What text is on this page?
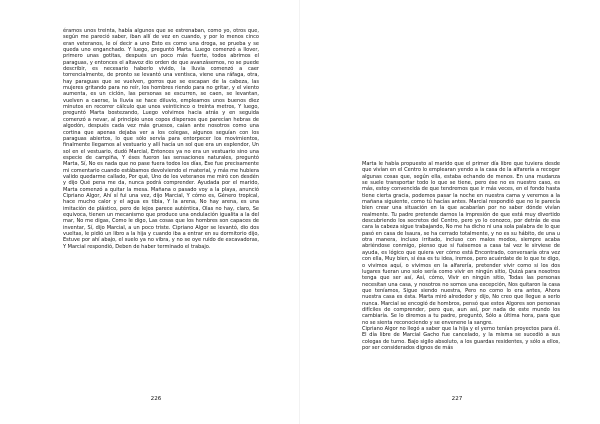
éramos unos treinta, había algunos que se estrenaban, como yo, otros que, según me pareció saber, iban allí de vez en cuando, y por lo menos cinco eran veteranos, le oí decir a uno Esto es como una droga, se prueba y se queda uno enganchado. Y luego, preguntó Marta. Luego comenzó a llover, primero unas gotitas, después un poco más fuerte, todos abrimos el paraguas, y entonces el altavoz dio orden de que avanzásemos, no se puede describir, es necesario haberlo vivido, la lluvia comenzó a caer torrencialmente, de pronto se levantó una ventisca, viene una ráfaga, otra, hay paraguas que se vuelven, gorros que se escapan de la cabeza, las mujeres gritando para no reír, los hombres riendo para no gritar, y el viento aumenta, es un ciclón, las personas se escurren, se caen, se levantan, vuelven a caerse, la lluvia se hace diluvio, empleamos unos buenos diez minutos en recorrer cálculo que unos veinticinco o treinta metros, Y luego, preguntó Marta bostezando, Luego volvimos hacia atrás y en seguida comenzó a nevar, al principio unos copos dispersos que parecían hebras de algodón, después cada vez más gruesos, caían ante nosotros como una cortina que apenas dejaba ver a los colegas, algunos seguían con los paraguas abiertos, lo que sólo servía para entorpecer los movimientos, finalmente llegamos al vestuario y allí hacía un sol que era un esplendor, Un sol en el vestuario, dudó Marcial, Entonces ya no era un vestuario sino una especie de campiña, Y éses fueron las sensaciones naturales, preguntó Marta, Sí, No es nada que no pase fuera todos los días, Ese fue precisamente mi comentario cuando estábamos devolviendo el material, y más me hubiera valido quedarme callado, Por qué, Uno de los veteranos me miró con desdén y dijo Qué pena me da, nunca podrá comprender. Ayudada por el marido, Marta comenzó a quitar la mesa. Mañana o pasado voy a la playa, anunció Cipriano Algor, Ahí sí fui una vez, dijo Marcial, Y cómo es, Género tropical, hace mucho calor y el agua es tibia, Y la arena, No hay arena, es una imitación de plástico, pero de lejos parece auténtica, Olas no hay, claro, Se equivoca, tienen un mecanismo que produce una ondulación igualita a la del mar, No me digas, Como le digo, Las cosas que los hombres son capaces de inventar, Sí, dijo Marcial, a un poco triste. Cipriano Algor se levantó, dio dos vueltas, le pidió un libro a la hija y cuando iba a entrar en su dormitorio dijo, Estuve por ahí abajo, el suelo ya no vibra, y no se oye ruido de excavadoras, Y Marcial respondió, Deben de haber terminado el trabajo.

226

Marta le había propuesto al marido que el primer día libre que tuviera desde que vivían en el Centro lo emplearan yendo a la casa de la alfarería a recoger algunas cosas que, según ella, estaba echando de menos. En una mudanza se suele transportar todo lo que se tiene, pero ése no es nuestro caso, es más, estoy convencida de que tendremos que ir más veces, en el fondo hasta tiene cierta gracia, podemos pasar la noche en nuestra cama y veremos a la mañana siguiente, como tú hacías antes. Marcial respondió que no le parecía bien crear una situación en la que acabarían por no saber dónde vivían realmente. Tu padre pretende darnos la impresión de que está muy divertido descubriendo los secretos del Centro, pero yo lo conozco, por detrás de esa cara la cabeza sigue trabajando, No me ha dicho ni una sola palabra de lo que pasó en casa de Isaura, se ha cerrado totalmente, y no es su hábito, de una u otra manera, incluso irritado, incluso con malos modos, siempre acaba abriéndose conmigo, pienso que si fuésemos a casa tal vez le sirviese de ayuda, es lógico que quiera ver cómo está Encontrado, conversaría otra vez con ella, Muy bien, si ésa es tu idea, iremos, pero acuérdate de lo que te digo, o vivimos aquí, o vivimos en la alfarería, pretender vivir como si los dos lugares fueran uno solo sería como vivir en ningún sitio, Quizá para nosotros tenga que ser así, Así, cómo, Vivir en ningún sitio, Todas las personas necesitan una casa, y nosotros no somos una excepción, Nos quitaron la casa que teníamos, Sigue siendo nuestra, Pero no como lo era antes, Ahora nuestra casa es ésta. Marta miró alrededor y dijo, No creo que llegue a serlo nunca. Marcial se encogió de hombros, pensó que estos Algores son personas difíciles de comprender, pero que, aun así, por nada de este mundo los cambiaría. Se lo diremos a tu padre, preguntó, Sólo a última hora, para que no se sienta reconociendo y se envenene la sangre.

Cipriano Algor no llegó a saber que la hija y el yerno tenían proyectos para él. El día libre de Marcial Gacho fue cancelado, y la misma se sucedió a sus colegas de turno. Bajo sigilo absoluto, a los guardas residentes, y sólo a ellos, por ser considerados dignos de más

227
